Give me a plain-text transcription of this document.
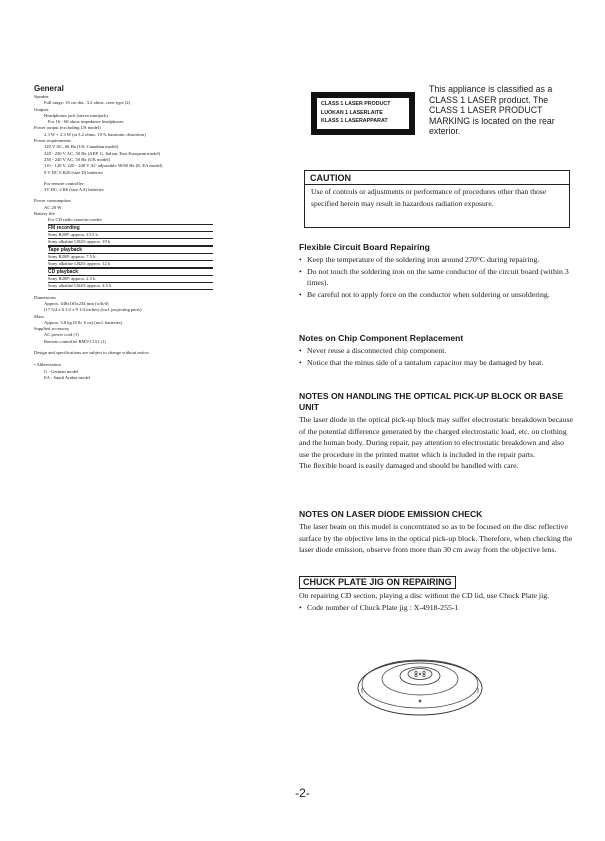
General
Speaker
Full range: 10 cm dia., 3.2 ohms, cone type (2)
Outputs
Headphones jack (stereo minijack)
For 16 - 68 ohms impedance headphones
Power output (excluding US model)
2.3 W + 2.3 W (at 3.2 ohms, 10 % harmonic distortion)
Power requirements
120 V AC, 60 Hz (US, Canadian model)
220 - 230 V AC, 50 Hz (AEP, G, Italian, East European model)
230 - 240 V AC, 50 Hz (UK model)
110 - 120 V, 220 - 240 V AC adjustable 50/60 Hz (E, EA model)
9 V DC 6 R20 (size D) batteries
For remote controller:
3V DC, 2 R6 (size AA) batteries
Power consumption
AC 20 W
Battery life
For CD radio cassette-corder:
FM recording
Sony R20P: approx. 13.5 h
Sony alkaline LR20: approx. 19 h
Tape playback
Sony R20P: approx. 7.5 h
Sony alkaline LR20: approx. 12 h
CD playback
Sony R20P: approx. 2.5 h
Sony alkaline LR20: approx. 4.5 h
Dimensions
Approx. 448x165x234 mm (w/h/d)
(17 3/4 x 6 1/2 x 9 1/4 inches) (incl. projecting parts)
Mass
Approx. 3.8 kg (8 lb. 6 oz) (incl. batteries)
Supplied accessory
AC power cord (1)
Remote controller RMT-C151 (1)
Design and specifications are subject to change without notice.
• Abbreviation
G : German model
EA : Saudi Arabia model
CLASS 1 LASER PRODUCT
LUOKAN 1 LASERLAITE
KLASS 1 LASERAPPARAT
This appliance is classified as a CLASS 1 LASER product. The CLASS 1 LASER PRODUCT MARKING is located on the rear exterior.
CAUTION
Use of controls or adjustments or performance of procedures other than those specified herein may result in hazardous radiation exposure.
Flexible Circuit Board Repairing
• Keep the temperature of the soldering iron around 270°C during repairing.
• Do not touch the soldering iron on the same conductor of the circuit board (within 3 times).
• Be careful not to apply force on the conductor when soldering or unsoldering.
Notes on Chip Component Replacement
• Never reuse a disconnected chip component.
• Notice that the minus side of a tantalum capacitor may be damaged by heat.
NOTES ON HANDLING THE OPTICAL PICK-UP BLOCK OR BASE UNIT

The laser diode in the optical pick-up block may suffer electrostatic breakdown because of the potential difference generated by the charged electrostatic load, etc. on clothing and the human body. During repair, pay attention to electrostatic breakdown and also use the procedure in the printed matter which is included in the repair parts.

The flexible board is easily damaged and should be handled with care.

NOTES ON LASER DIODE EMISSION CHECK

The laser beam on this model is concentrated so as to be focused on the disc reflective surface by the objective lens in the optical pick-up block. Therefore, when checking the laser diode emission, observe from more than 30 cm away from the objective lens.

CHUCK PLATE JIG ON REPAIRING

On repairing CD section, playing a disc without the CD lid, use Chuck Plate jig.

• Code number of Chuck Plate jig : X-4918-255-1
-2-
